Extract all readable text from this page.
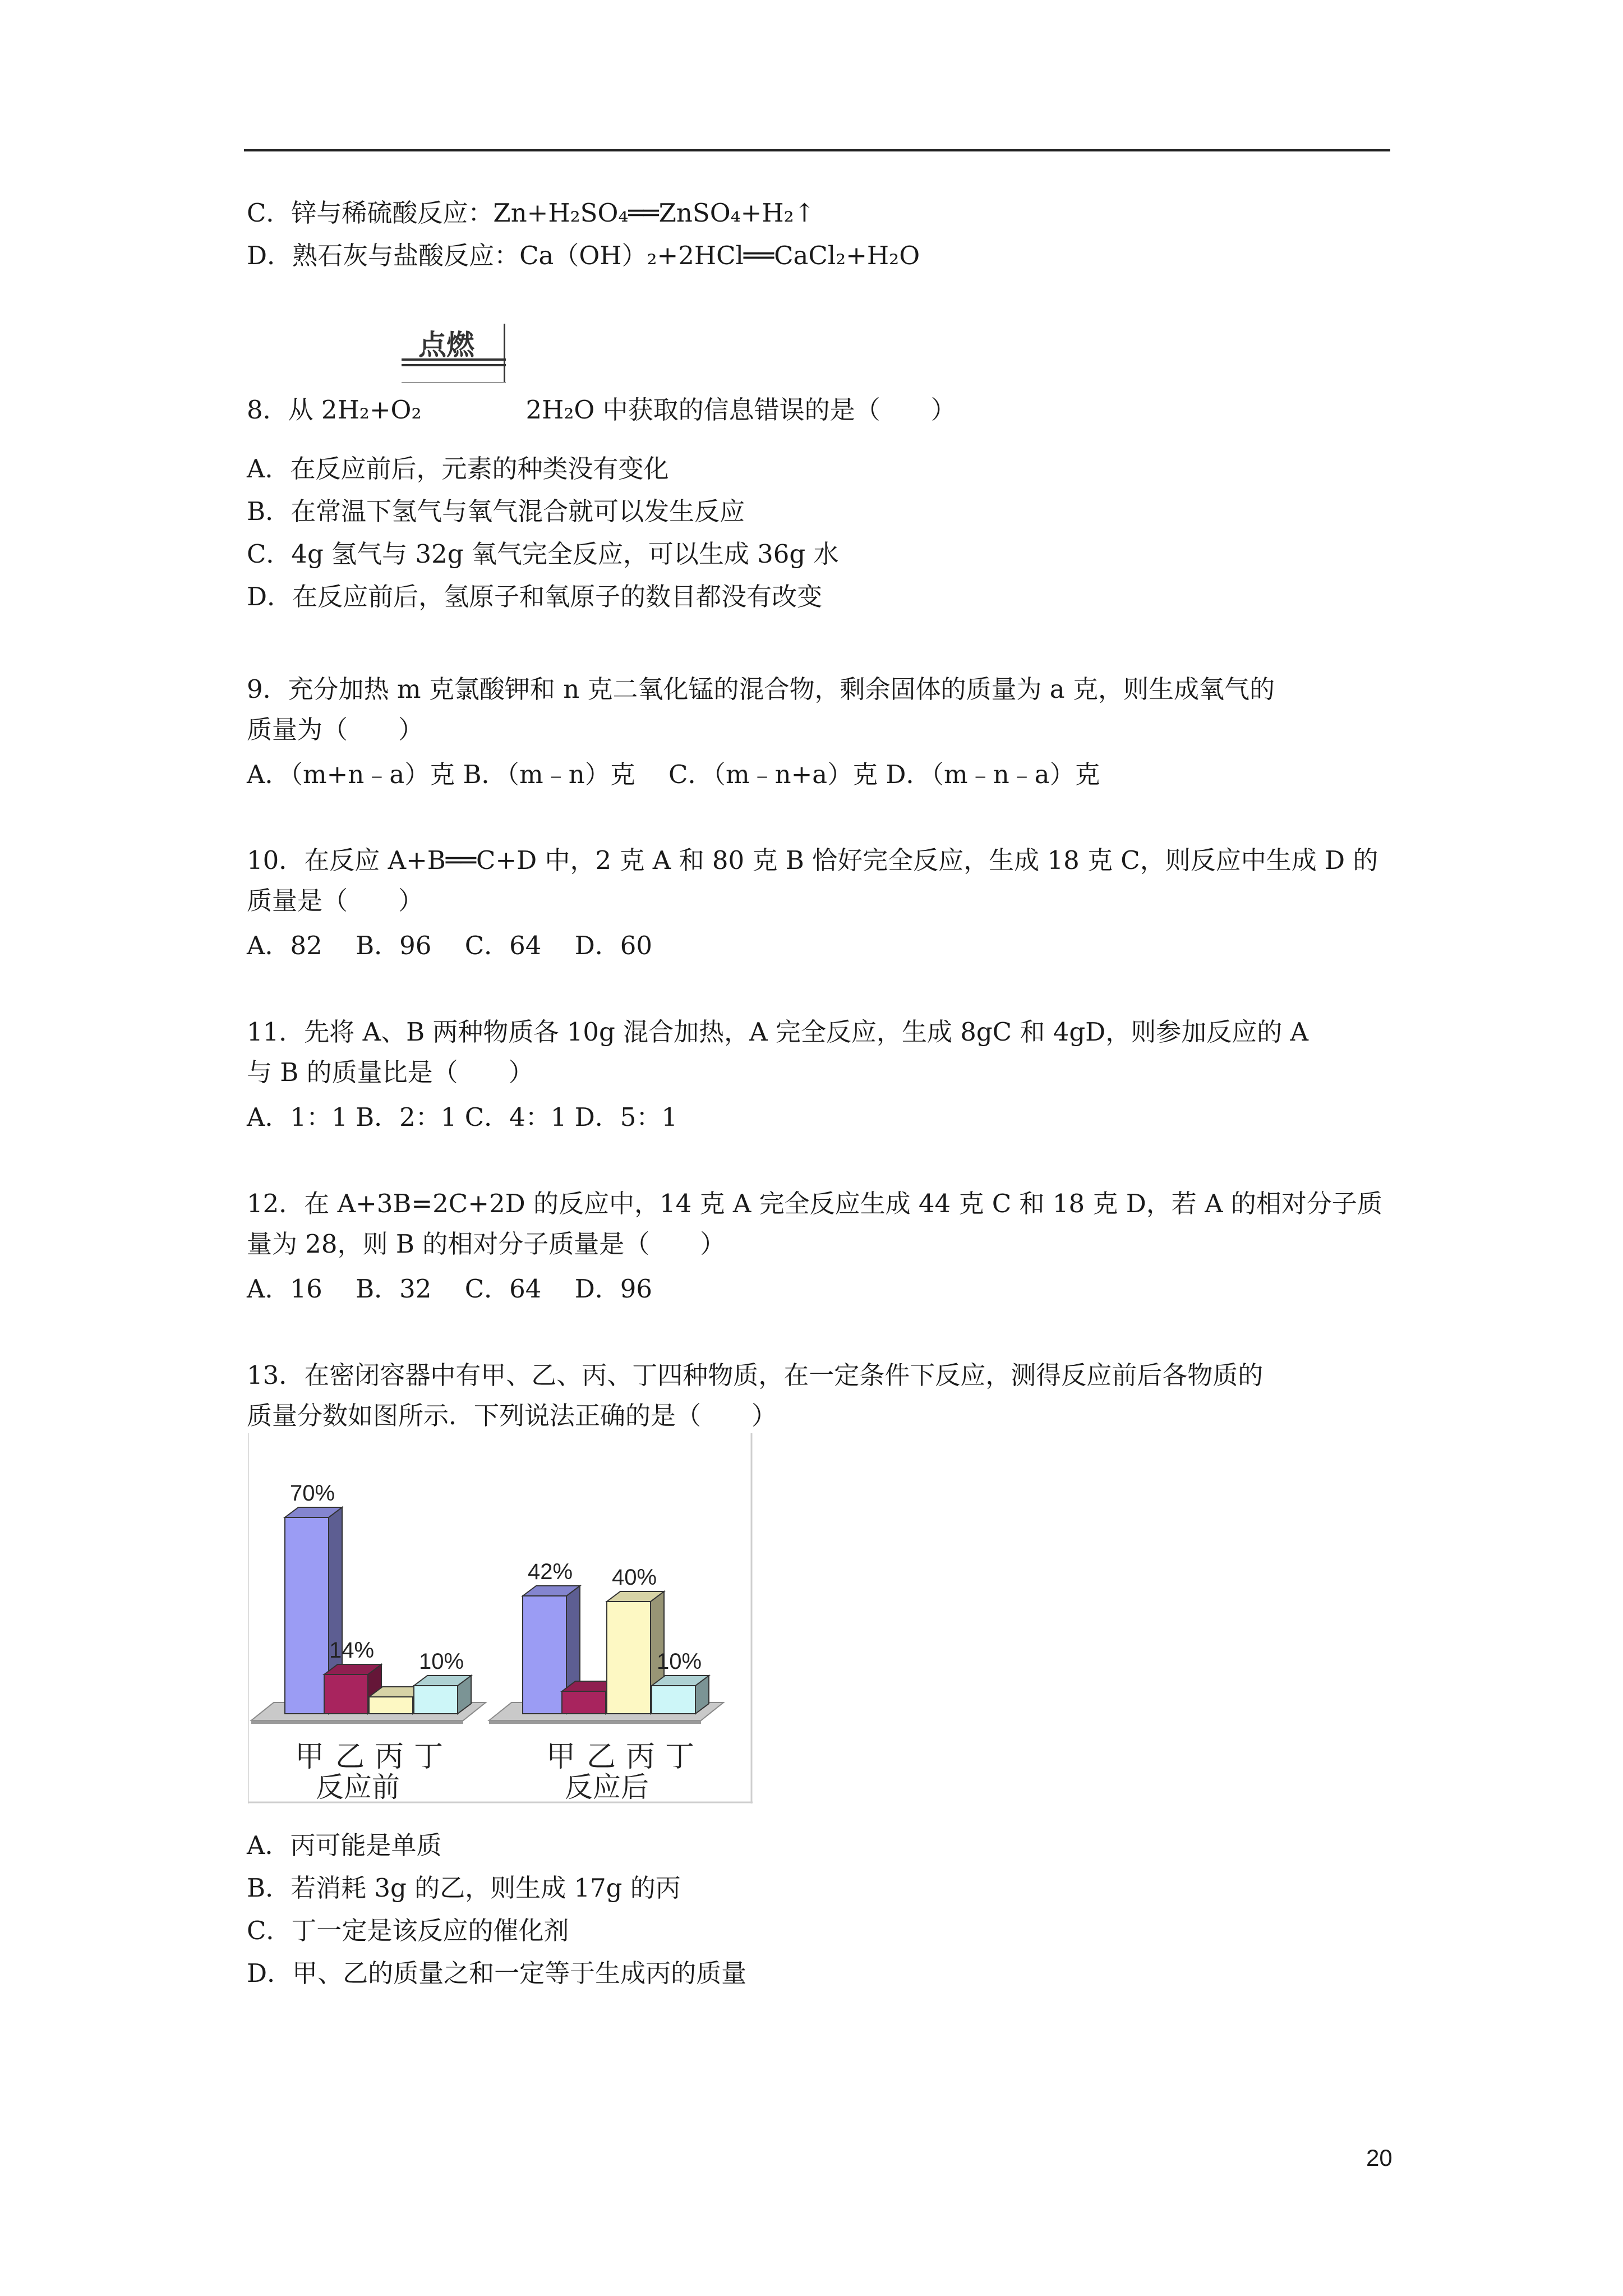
C．锌与稀硫酸反应：Zn+H₂SO₄══ZnSO₄+H₂↑
D．熟石灰与盐酸反应：Ca（OH）₂+2HCl══CaCl₂+H₂O
点燃
8．从 2H₂+O₂	2H₂O 中获取的信息错误的是（　　）
A．在反应前后，元素的种类没有变化
B．在常温下氢气与氧气混合就可以发生反应
C．4g 氢气与 32g 氧气完全反应，可以生成 36g 水
D．在反应前后，氢原子和氧原子的数目都没有改变
9．充分加热 m 克氯酸钾和 n 克二氧化锰的混合物，剩余固体的质量为 a 克，则生成氧气的
质量为（　　）
A．（m+n﹣a）克 B．（m﹣n）克　 C．（m﹣n+a）克 D．（m﹣n﹣a）克
10．在反应 A+B══C+D 中，2 克 A 和 80 克 B 恰好完全反应，生成 18 克 C，则反应中生成 D 的
质量是（　　）
A．82　 B．96　 C．64　 D．60
11．先将 A、B 两种物质各 10g 混合加热，A 完全反应，生成 8gC 和 4gD，则参加反应的 A
与 B 的质量比是（　　）
A．1：1 B．2：1 C．4：1 D．5：1
12．在 A+3B=2C+2D 的反应中，14 克 A 完全反应生成 44 克 C 和 18 克 D，若 A 的相对分子质
量为 28，则 B 的相对分子质量是（　　）
A．16　 B．32　 C．64　 D．96
13．在密闭容器中有甲、乙、丙、丁四种物质，在一定条件下反应，测得反应前后各物质的
质量分数如图所示．下列说法正确的是（　　）
70%
14% 10%
甲 乙 丙 丁
反应前
42% 40%
10%
甲 乙 丙 丁
反应后
A．丙可能是单质
B．若消耗 3g 的乙，则生成 17g 的丙
C．丁一定是该反应的催化剂
D．甲、乙的质量之和一定等于生成丙的质量
20
